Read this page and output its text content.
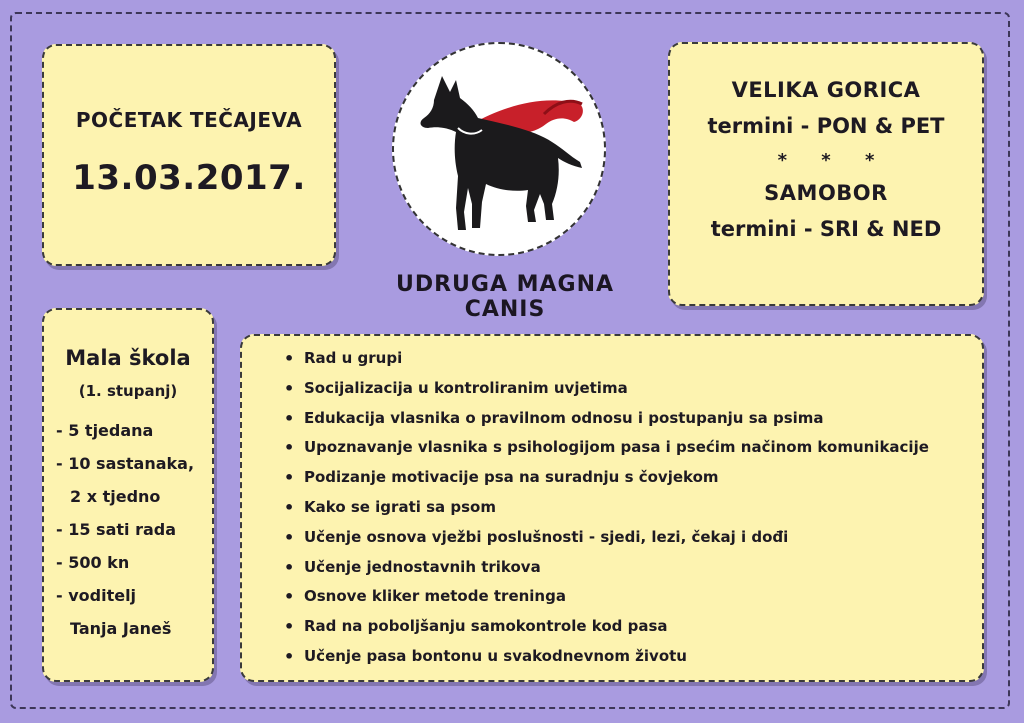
POČETAK TEČAJEVA
13.03.2017.
UDRUGA MAGNA CANIS
VELIKA GORICA
termini - PON & PET
* * *
SAMOBOR
termini - SRI & NED
Mala škola
(1. stupanj)
- 5 tjedana
- 10 sastanaka,
2 x tjedno
- 15 sati rada
- 500 kn
- voditelj
Tanja Janeš
• Rad u grupi
• Socijalizacija u kontroliranim uvjetima
• Edukacija vlasnika o pravilnom odnosu i postupanju sa psima
• Upoznavanje vlasnika s psihologijom pasa i psećim načinom komunikacije
• Podizanje motivacije psa na suradnju s čovjekom
• Kako se igrati sa psom
• Učenje osnova vježbi poslušnosti - sjedi, lezi, čekaj i dođi
• Učenje jednostavnih trikova
• Osnove kliker metode treninga
• Rad na poboljšanju samokontrole kod pasa
• Učenje pasa bontonu u svakodnevnom životu
